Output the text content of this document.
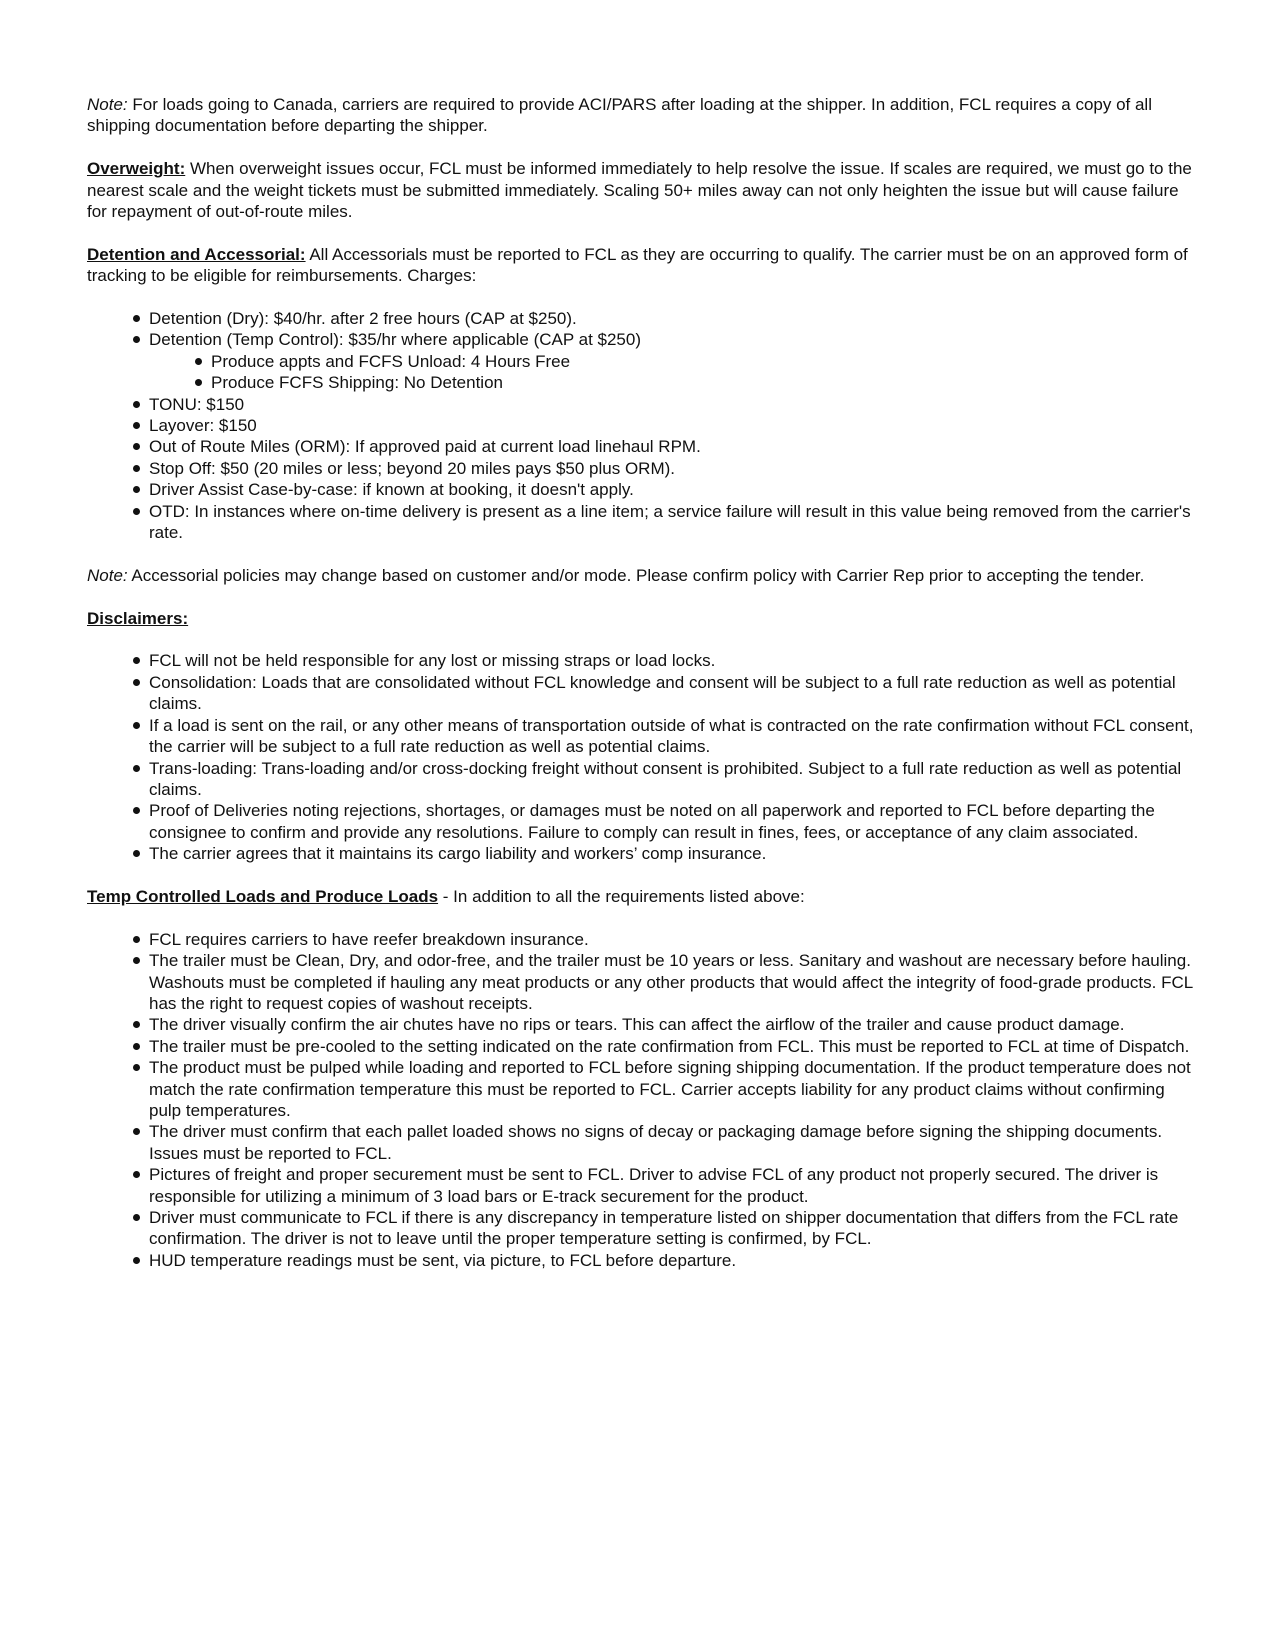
Note: For loads going to Canada, carriers are required to provide ACI/PARS after loading at the shipper. In addition, FCL requires a copy of all shipping documentation before departing the shipper.

Overweight: When overweight issues occur, FCL must be informed immediately to help resolve the issue. If scales are required, we must go to the nearest scale and the weight tickets must be submitted immediately. Scaling 50+ miles away can not only heighten the issue but will cause failure for repayment of out-of-route miles.

Detention and Accessorial: All Accessorials must be reported to FCL as they are occurring to qualify. The carrier must be on an approved form of tracking to be eligible for reimbursements. Charges:

Detention (Dry): $40/hr. after 2 free hours (CAP at $250).
Detention (Temp Control): $35/hr where applicable (CAP at $250)
Produce appts and FCFS Unload: 4 Hours Free
Produce FCFS Shipping: No Detention
TONU: $150
Layover: $150
Out of Route Miles (ORM): If approved paid at current load linehaul RPM.
Stop Off: $50 (20 miles or less; beyond 20 miles pays $50 plus ORM).
Driver Assist Case-by-case: if known at booking, it doesn't apply.
OTD: In instances where on-time delivery is present as a line item; a service failure will result in this value being removed from the carrier's rate.

Note: Accessorial policies may change based on customer and/or mode. Please confirm policy with Carrier Rep prior to accepting the tender.

Disclaimers:

FCL will not be held responsible for any lost or missing straps or load locks.
Consolidation: Loads that are consolidated without FCL knowledge and consent will be subject to a full rate reduction as well as potential claims.
If a load is sent on the rail, or any other means of transportation outside of what is contracted on the rate confirmation without FCL consent, the carrier will be subject to a full rate reduction as well as potential claims.
Trans-loading: Trans-loading and/or cross-docking freight without consent is prohibited. Subject to a full rate reduction as well as potential claims.
Proof of Deliveries noting rejections, shortages, or damages must be noted on all paperwork and reported to FCL before departing the consignee to confirm and provide any resolutions. Failure to comply can result in fines, fees, or acceptance of any claim associated.
The carrier agrees that it maintains its cargo liability and workers’ comp insurance.

Temp Controlled Loads and Produce Loads - In addition to all the requirements listed above:

FCL requires carriers to have reefer breakdown insurance.
The trailer must be Clean, Dry, and odor-free, and the trailer must be 10 years or less. Sanitary and washout are necessary before hauling. Washouts must be completed if hauling any meat products or any other products that would affect the integrity of food-grade products. FCL has the right to request copies of washout receipts.
The driver visually confirm the air chutes have no rips or tears. This can affect the airflow of the trailer and cause product damage.
The trailer must be pre-cooled to the setting indicated on the rate confirmation from FCL. This must be reported to FCL at time of Dispatch.
The product must be pulped while loading and reported to FCL before signing shipping documentation. If the product temperature does not match the rate confirmation temperature this must be reported to FCL. Carrier accepts liability for any product claims without confirming pulp temperatures.
The driver must confirm that each pallet loaded shows no signs of decay or packaging damage before signing the shipping documents. Issues must be reported to FCL.
Pictures of freight and proper securement must be sent to FCL. Driver to advise FCL of any product not properly secured. The driver is responsible for utilizing a minimum of 3 load bars or E-track securement for the product.
Driver must communicate to FCL if there is any discrepancy in temperature listed on shipper documentation that differs from the FCL rate confirmation. The driver is not to leave until the proper temperature setting is confirmed, by FCL.
HUD temperature readings must be sent, via picture, to FCL before departure.
